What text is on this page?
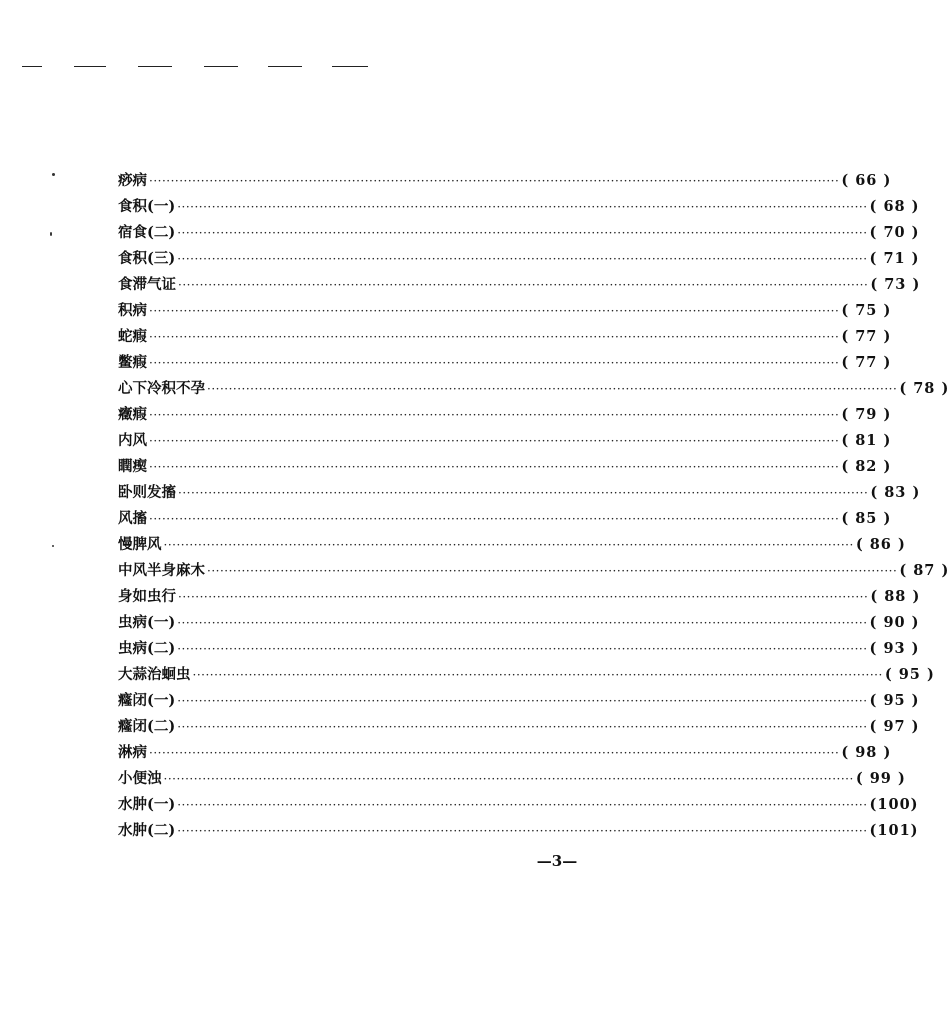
痧病 ································································································································································ ( 66 )
食积(一) ································································································································································ ( 68 )
宿食(二) ································································································································································ ( 70 )
食积(三) ································································································································································ ( 71 )
食滞气证 ································································································································································ ( 73 )
积病 ································································································································································ ( 75 )
蛇瘕 ································································································································································ ( 77 )
鳖瘕 ································································································································································ ( 77 )
心下冷积不孕 ································································································································································ ( 78 )
癥瘕 ································································································································································ ( 79 )
内风 ································································································································································ ( 81 )
瞤瘈 ································································································································································ ( 82 )
卧则发搐 ································································································································································ ( 83 )
风搐 ································································································································································ ( 85 )
慢脾风 ································································································································································ ( 86 )
中风半身麻木 ································································································································································ ( 87 )
身如虫行 ································································································································································ ( 88 )
虫病(一) ································································································································································ ( 90 )
虫病(二) ································································································································································ ( 93 )
大蒜治蛔虫 ································································································································································ ( 95 )
癃闭(一) ································································································································································ ( 95 )
癃闭(二) ································································································································································ ( 97 )
淋病 ································································································································································ ( 98 )
小便浊 ································································································································································ ( 99 )
水肿(一) ································································································································································ (100)
水肿(二) ································································································································································ (101)
—3—
